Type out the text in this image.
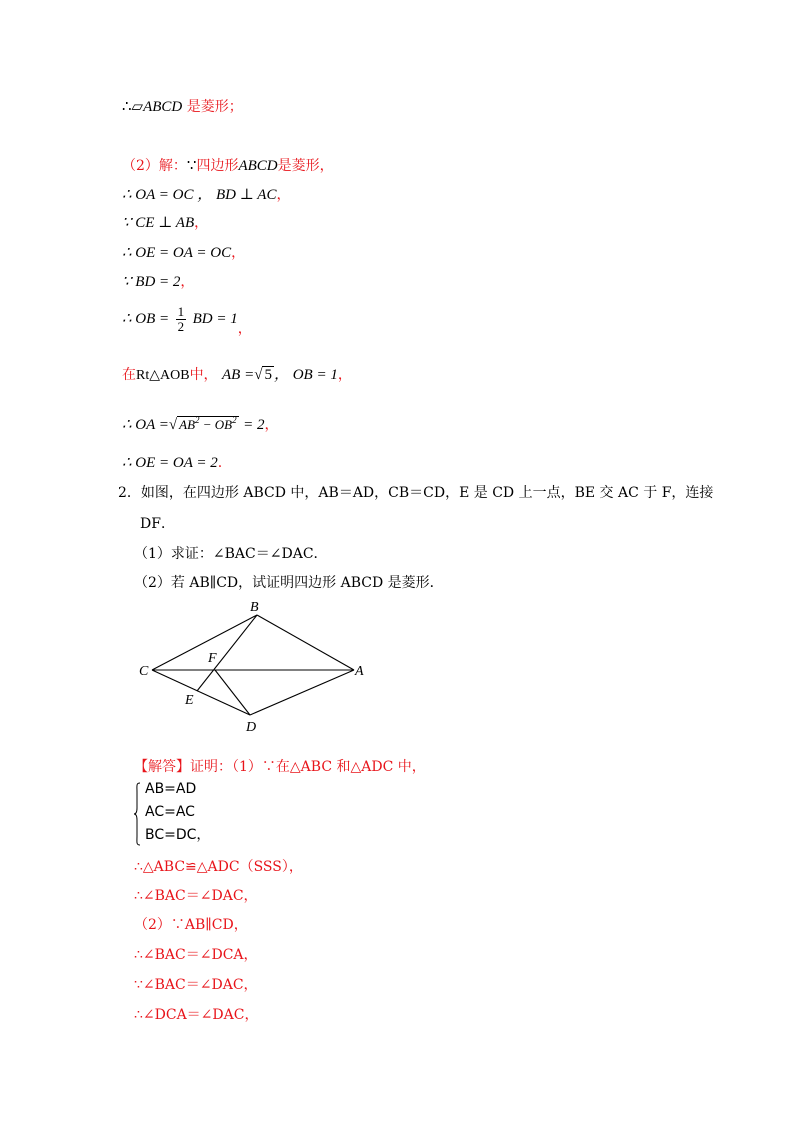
∴▱ABCD 是菱形；
（2）解：∵四边形ABCD是菱形，
∴ OA = OC ， BD ⊥ AC，
∵ CE ⊥ AB，
∴ OE = OA = OC，
∵ BD = 2，
∴ OB = $\frac{1}{2}$ BD = 1，
在Rt△AOB中， AB =√ 5 ， OB = 1，
∴ OA =√ $AB^2 - OB^2 = 2$，
∴ OE = OA = 2.
2．如图，在四边形 ABCD 中，AB＝AD，CB＝CD，E 是 CD 上一点，BE 交 AC 于 F，连接
DF．
（1）求证：∠BAC＝∠DAC．
（2）若 AB∥CD，试证明四边形 ABCD 是菱形．
B
C	A
F
E
D
【解答】证明：（1）∵在△ABC 和△ADC 中，
AB=AD
AC=AC
BC=DC，
∴△ABC≌△ADC（SSS），
∴∠BAC＝∠DAC，
（2）∵AB∥CD，
∴∠BAC＝∠DCA，
∵∠BAC＝∠DAC，
∴∠DCA＝∠DAC，
